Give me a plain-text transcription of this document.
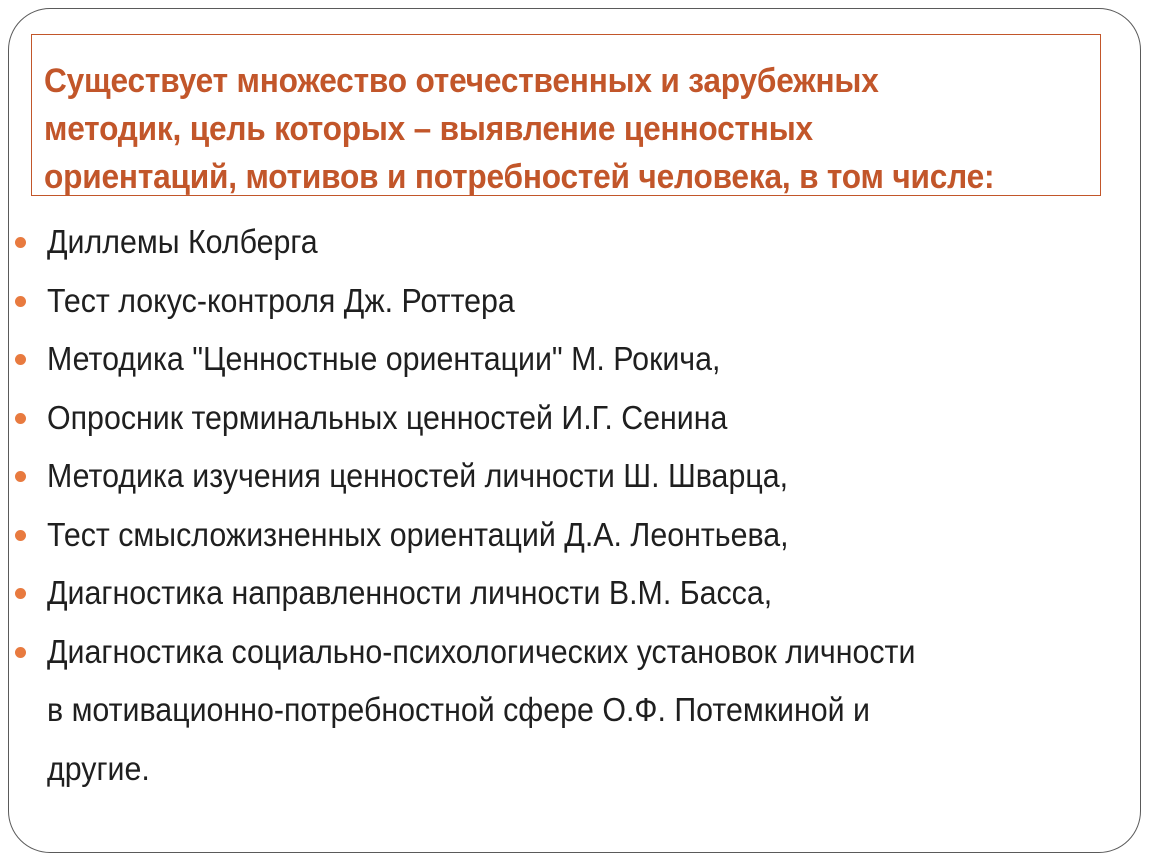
Существует множество отечественных и зарубежных
методик, цель которых – выявление ценностных
ориентаций, мотивов и потребностей человека, в том числе:

Диллемы Колберга
Тест локус-контроля Дж. Роттера
Методика "Ценностные ориентации" М. Рокича,
Опросник терминальных ценностей И.Г. Сенина
Методика изучения ценностей личности Ш. Шварца,
Тест смысложизненных ориентаций Д.А. Леонтьева,
Диагностика направленности личности В.М. Басса,
Диагностика социально-психологических установок личности
в мотивационно-потребностной сфере О.Ф. Потемкиной и
другие.
